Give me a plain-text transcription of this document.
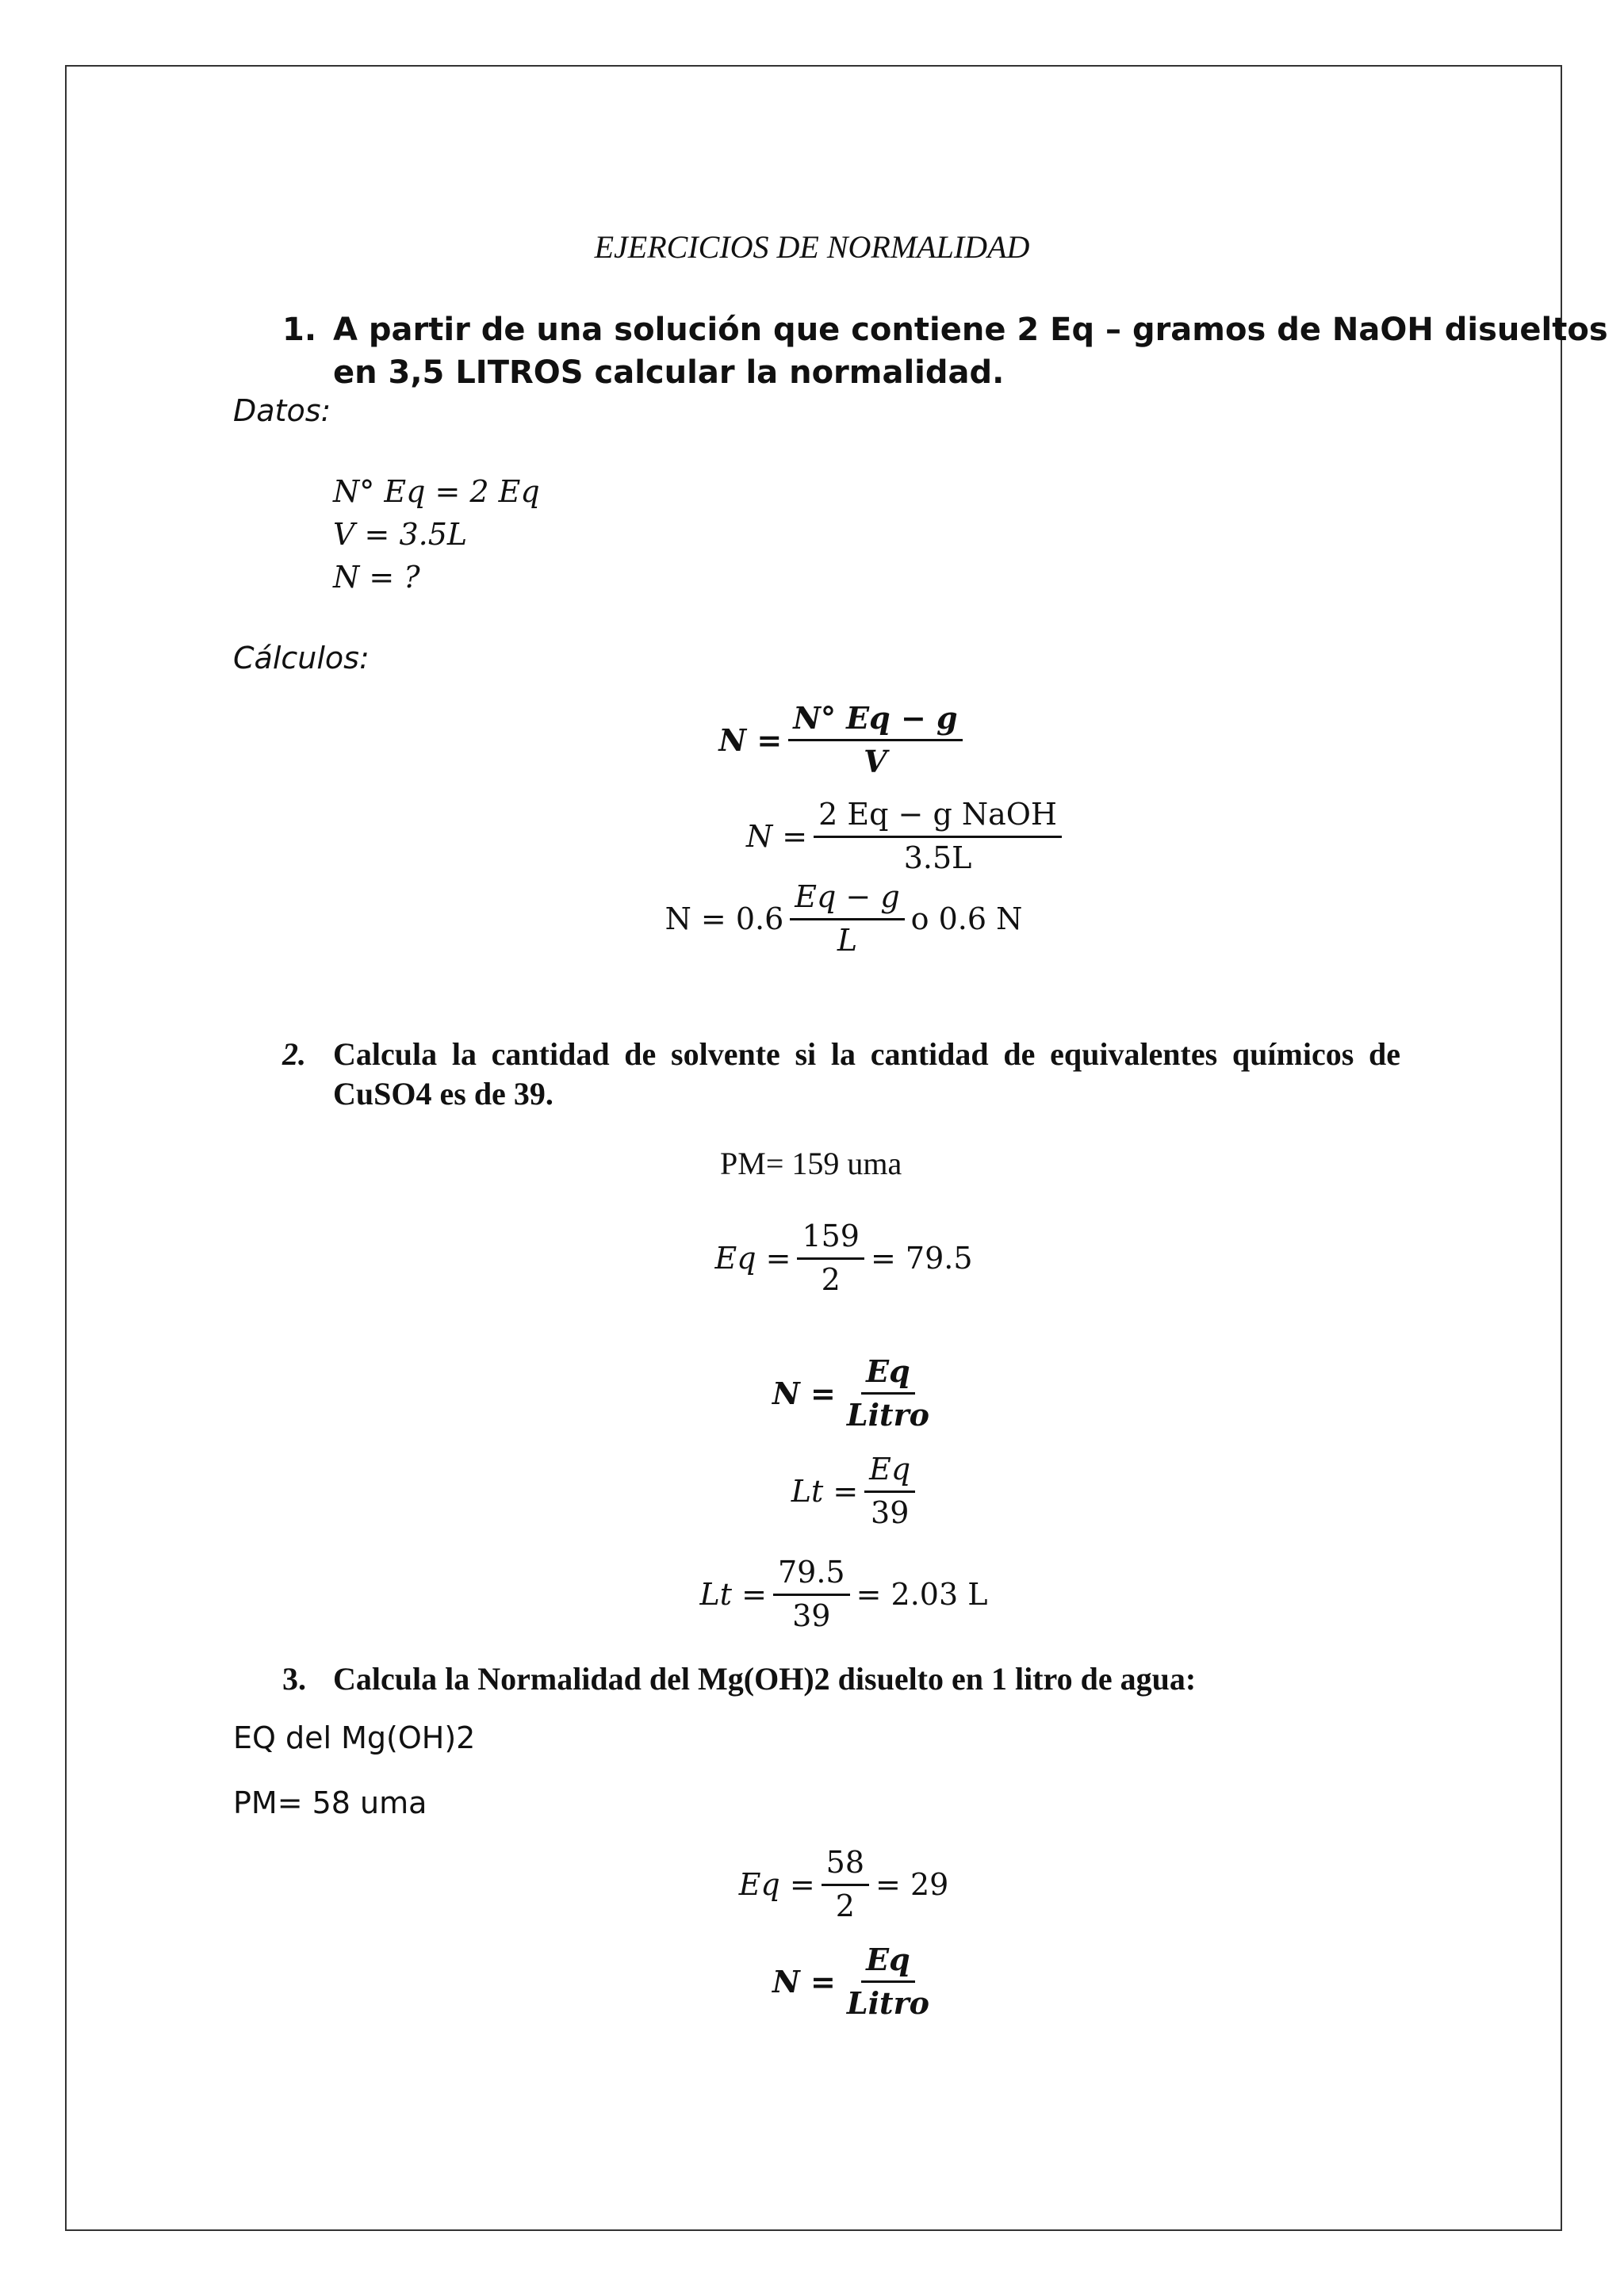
EJERCICIOS DE NORMALIDAD
1. A partir de una solución que contiene 2 Eq – gramos de NaOH disueltos
en 3,5 LITROS calcular la normalidad.
Datos:
N° Eq = 2 Eq
V = 3.5L
N = ?
Cálculos:
$N = \frac{N^\circ Eq - g}{V}$
$N = \frac{\text{2 Eq − g NaOH}}{3.5L}$
$N = 0.6 \frac{Eq - g}{L}$ o 0.6 N
2. Calcula la cantidad de solvente si la cantidad de equivalentes químicos de
CuSO4 es de 39.
PM= 159 uma
$Eq = \frac{159}{2} = 79.5$
$N = \frac{Eq}{\text{Litro}}$
$Lt = \frac{Eq}{39}$
$Lt = \frac{79.5}{39} = 2.03$ L
3. Calcula la Normalidad del Mg(OH)2 disuelto en 1 litro de agua:
EQ del Mg(OH)2
PM= 58 uma
$Eq = \frac{58}{2} = 29$
$N = \frac{Eq}{\text{Litro}}$
